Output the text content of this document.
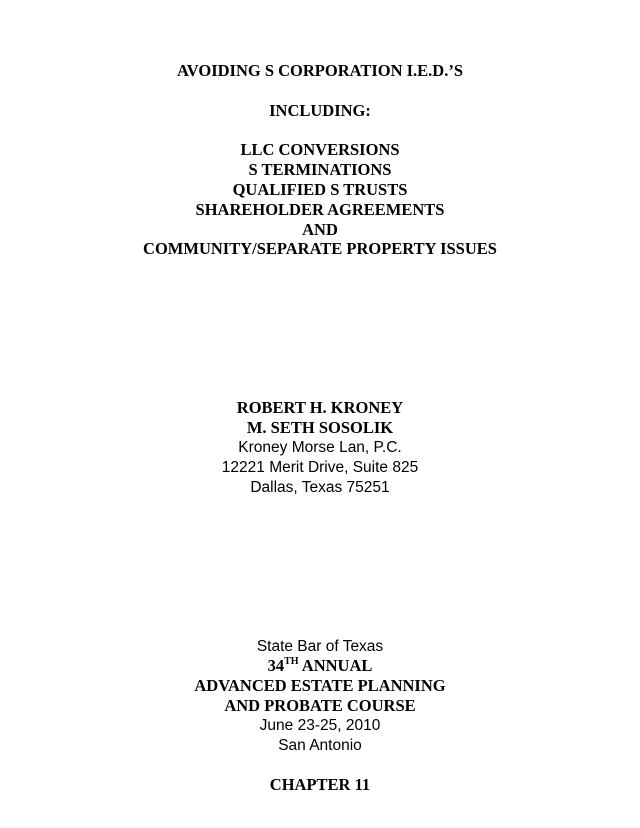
AVOIDING S CORPORATION I.E.D.’S
INCLUDING:
LLC CONVERSIONS
S TERMINATIONS
QUALIFIED S TRUSTS
SHAREHOLDER AGREEMENTS
AND
COMMUNITY/SEPARATE PROPERTY ISSUES
ROBERT H. KRONEY
M. SETH SOSOLIK
Kroney Morse Lan, P.C.
12221 Merit Drive, Suite 825
Dallas, Texas 75251
State Bar of Texas
34TH ANNUAL
ADVANCED ESTATE PLANNING
AND PROBATE COURSE
June 23-25, 2010
San Antonio
CHAPTER 11
